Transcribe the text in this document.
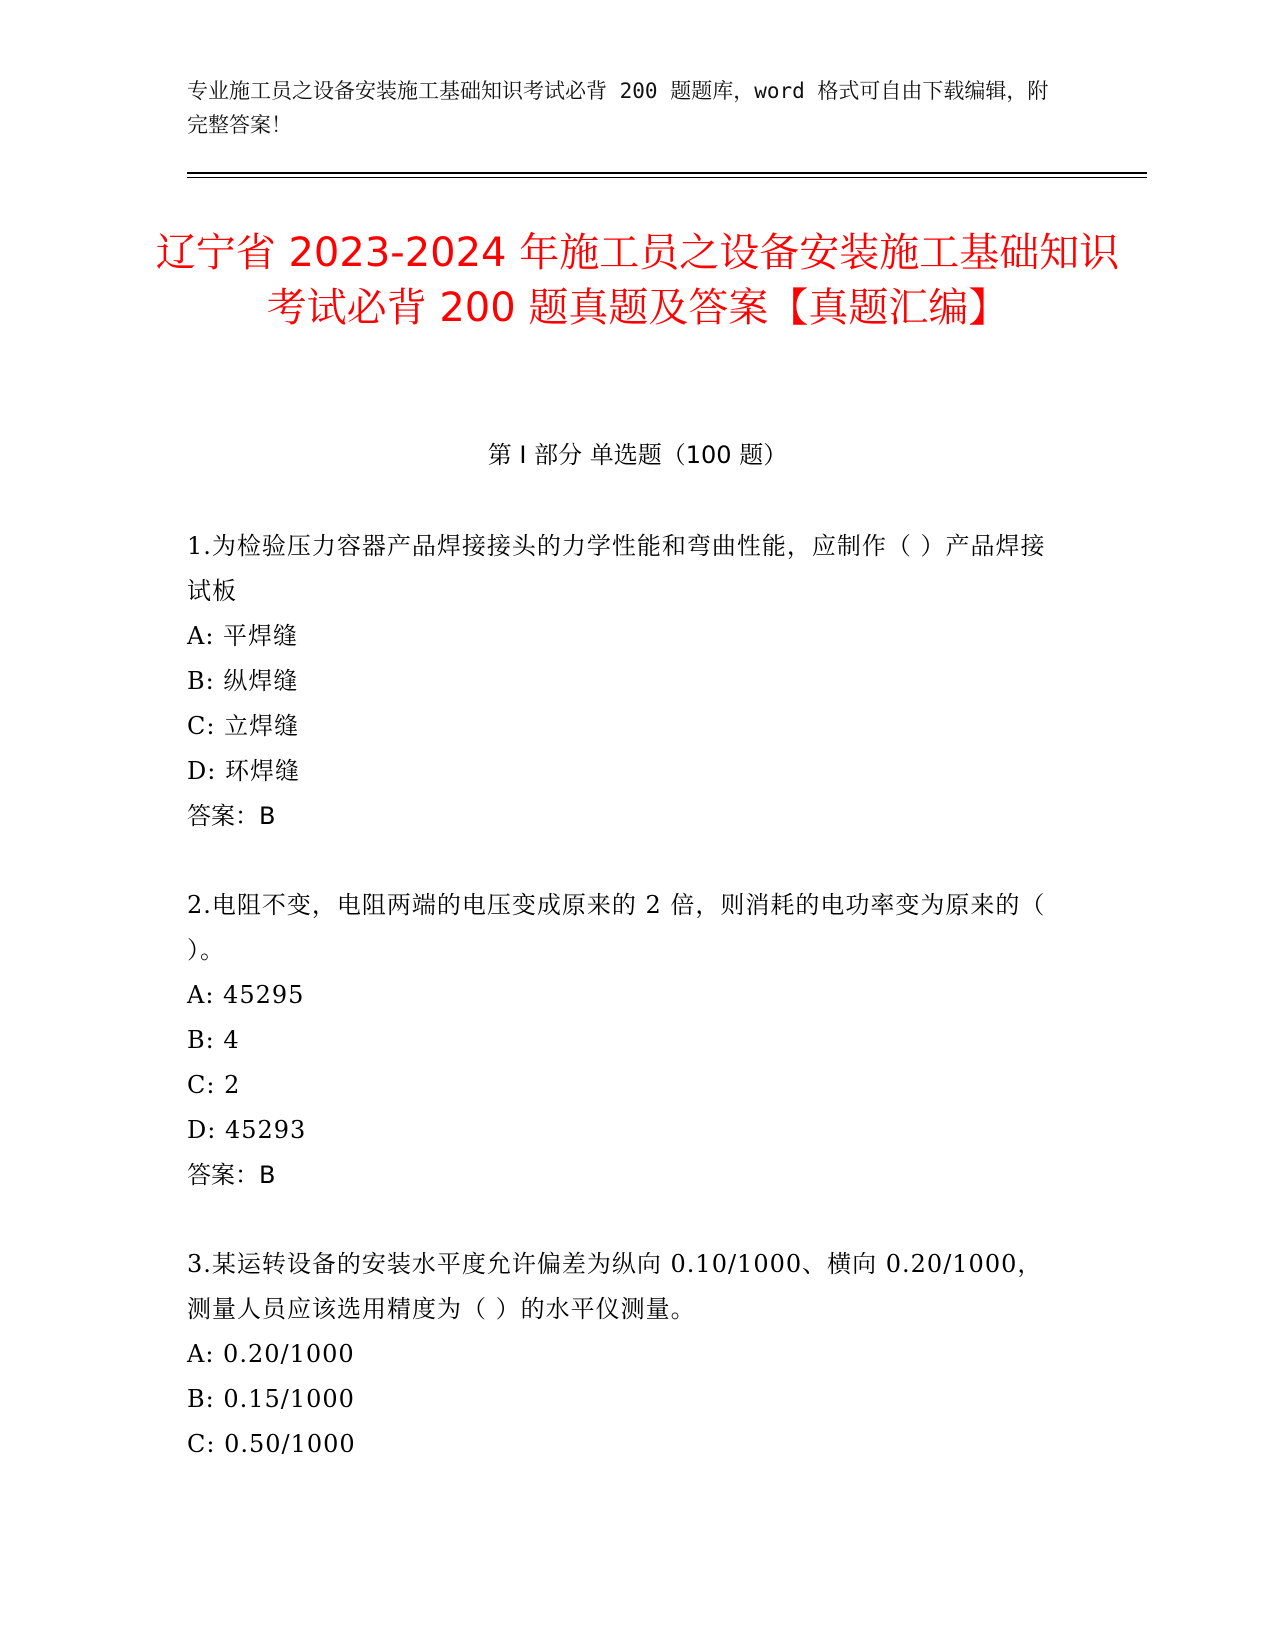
专业施工员之设备安装施工基础知识考试必背 200 题题库，word 格式可自由下载编辑，附完整答案！
辽宁省 2023-2024 年施工员之设备安装施工基础知识考试必背 200 题真题及答案【真题汇编】
第 I 部分 单选题（100 题）
1.为检验压力容器产品焊接接头的力学性能和弯曲性能，应制作（ ）产品焊接试板
A: 平焊缝
B: 纵焊缝
C: 立焊缝
D: 环焊缝
答案：B
2.电阻不变，电阻两端的电压变成原来的 2 倍，则消耗的电功率变为原来的（ ）。
A: 45295
B: 4
C: 2
D: 45293
答案：B
3.某运转设备的安装水平度允许偏差为纵向 0.10/1000、横向 0.20/1000，测量人员应该选用精度为（ ）的水平仪测量。
A: 0.20/1000
B: 0.15/1000
C: 0.50/1000
